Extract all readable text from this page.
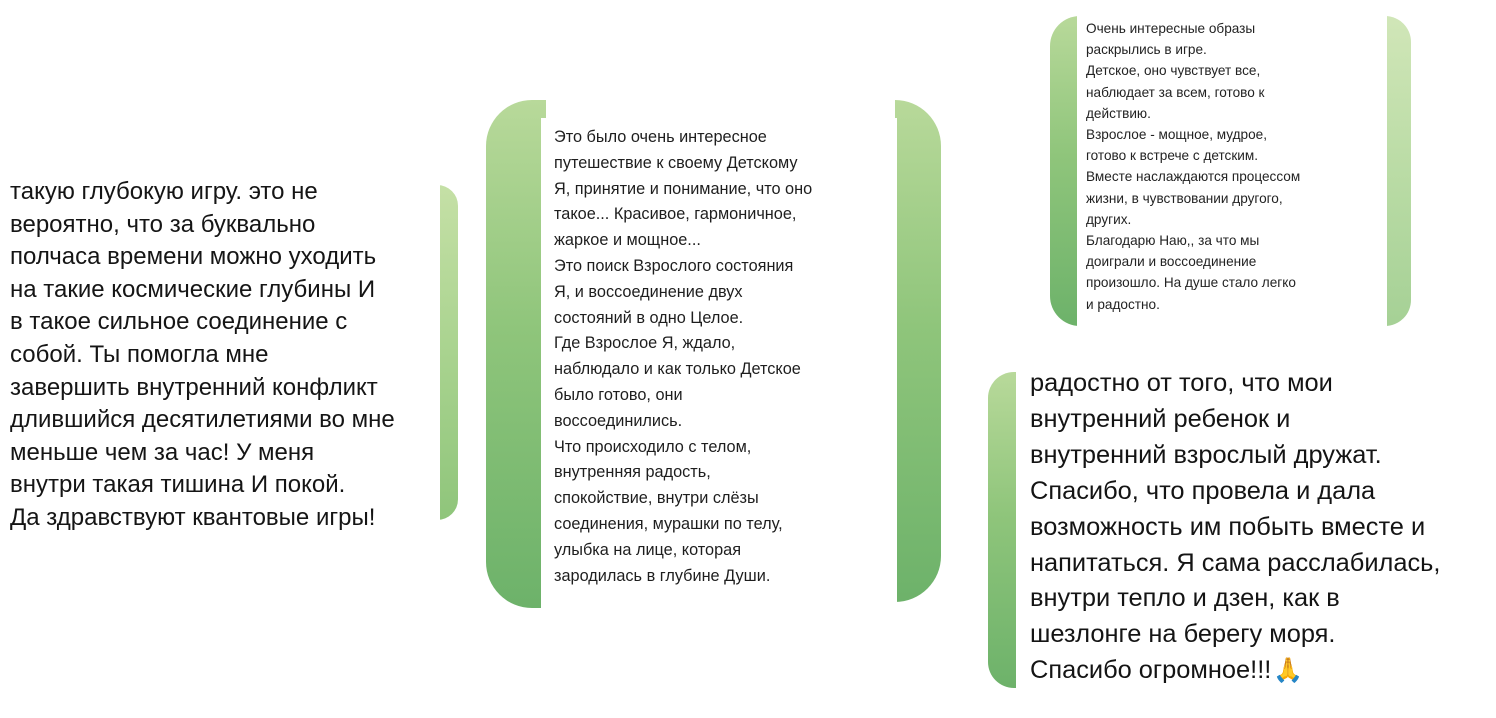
такую глубокую игру. это не
вероятно, что за буквально
полчаса времени можно уходить
на такие космические глубины И
в такое сильное соединение с
собой. Ты помогла мне
завершить внутренний конфликт
длившийся десятилетиями во мне
меньше чем за час! У меня
внутри такая тишина И покой.
Да здравствуют квантовые игры!
Это было очень интересное
путешествие к своему Детскому
Я, принятие и понимание, что оно
такое... Красивое, гармоничное,
жаркое и мощное...
Это поиск Взрослого состояния
Я, и воссоединение двух
состояний в одно Целое.
Где Взрослое Я, ждало,
наблюдало и как только Детское
было готово, они
воссоединились.
Что происходило с телом,
внутренняя радость,
спокойствие, внутри слёзы
соединения, мурашки по телу,
улыбка на лице, которая
зародилась в глубине Души.
Очень интересные образы
раскрылись в игре.
Детское, оно чувствует все,
наблюдает за всем, готово к
действию.
Взрослое - мощное, мудрое,
готово к встрече с детским.
Вместе наслаждаются процессом
жизни, в чувствовании другого,
других.
Благодарю Наю,, за что мы
доиграли и воссоединение
произошло. На душе стало легко
и радостно.
радостно от того, что мои
внутренний ребенок и
внутренний взрослый дружат.
Спасибо, что провела и дала
возможность им побыть вместе и
напитаться. Я сама расслабилась,
внутри тепло и дзен, как в
шезлонге на берегу моря.
Спасибо огромное!!!🙏
